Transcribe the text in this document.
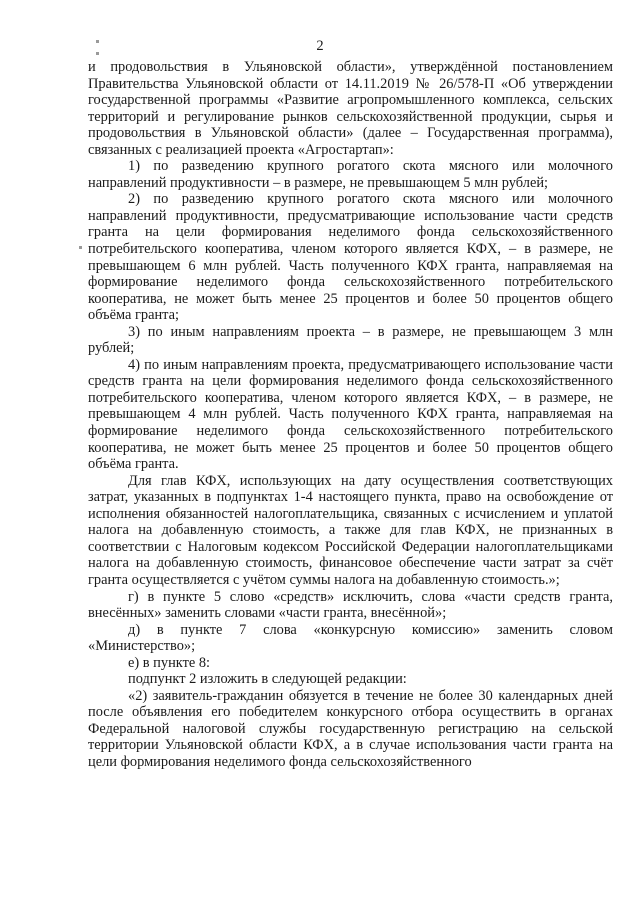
2

и продовольствия в Ульяновской области», утверждённой постановлением Правительства Ульяновской области от 14.11.2019 № 26/578-П «Об утверждении государственной программы «Развитие агропромышленного комплекса, сельских территорий и регулирование рынков сельскохозяйственной продукции, сырья и продовольствия в Ульяновской области» (далее – Государственная программа), связанных с реализацией проекта «Агростартап»:

1) по разведению крупного рогатого скота мясного или молочного направлений продуктивности – в размере, не превышающем 5 млн рублей;

2) по разведению крупного рогатого скота мясного или молочного направлений продуктивности, предусматривающие использование части средств гранта на цели формирования неделимого фонда сельскохозяйственного потребительского кооператива, членом которого является КФХ, – в размере, не превышающем 6 млн рублей. Часть полученного КФХ гранта, направляемая на формирование неделимого фонда сельскохозяйственного потребительского кооператива, не может быть менее 25 процентов и более 50 процентов общего объёма гранта;

3) по иным направлениям проекта – в размере, не превышающем 3 млн рублей;

4) по иным направлениям проекта, предусматривающего использование части средств гранта на цели формирования неделимого фонда сельскохозяйственного потребительского кооператива, членом которого является КФХ, – в размере, не превышающем 4 млн рублей. Часть полученного КФХ гранта, направляемая на формирование неделимого фонда сельскохозяйственного потребительского кооператива, не может быть менее 25 процентов и более 50 процентов общего объёма гранта.

Для глав КФХ, использующих на дату осуществления соответствующих затрат, указанных в подпунктах 1-4 настоящего пункта, право на освобождение от исполнения обязанностей налогоплательщика, связанных с исчислением и уплатой налога на добавленную стоимость, а также для глав КФХ, не признанных в соответствии с Налоговым кодексом Российской Федерации налогоплательщиками налога на добавленную стоимость, финансовое обеспечение части затрат за счёт гранта осуществляется с учётом суммы налога на добавленную стоимость.»;

г) в пункте 5 слово «средств» исключить, слова «части средств гранта, внесённых» заменить словами «части гранта, внесённой»;

д) в пункте 7 слова «конкурсную комиссию» заменить словом «Министерство»;

е) в пункте 8:

подпункт 2 изложить в следующей редакции:

«2) заявитель-гражданин обязуется в течение не более 30 календарных дней после объявления его победителем конкурсного отбора осуществить в органах Федеральной налоговой службы государственную регистрацию на сельской территории Ульяновской области КФХ, а в случае использования части гранта на цели формирования неделимого фонда сельскохозяйственного
